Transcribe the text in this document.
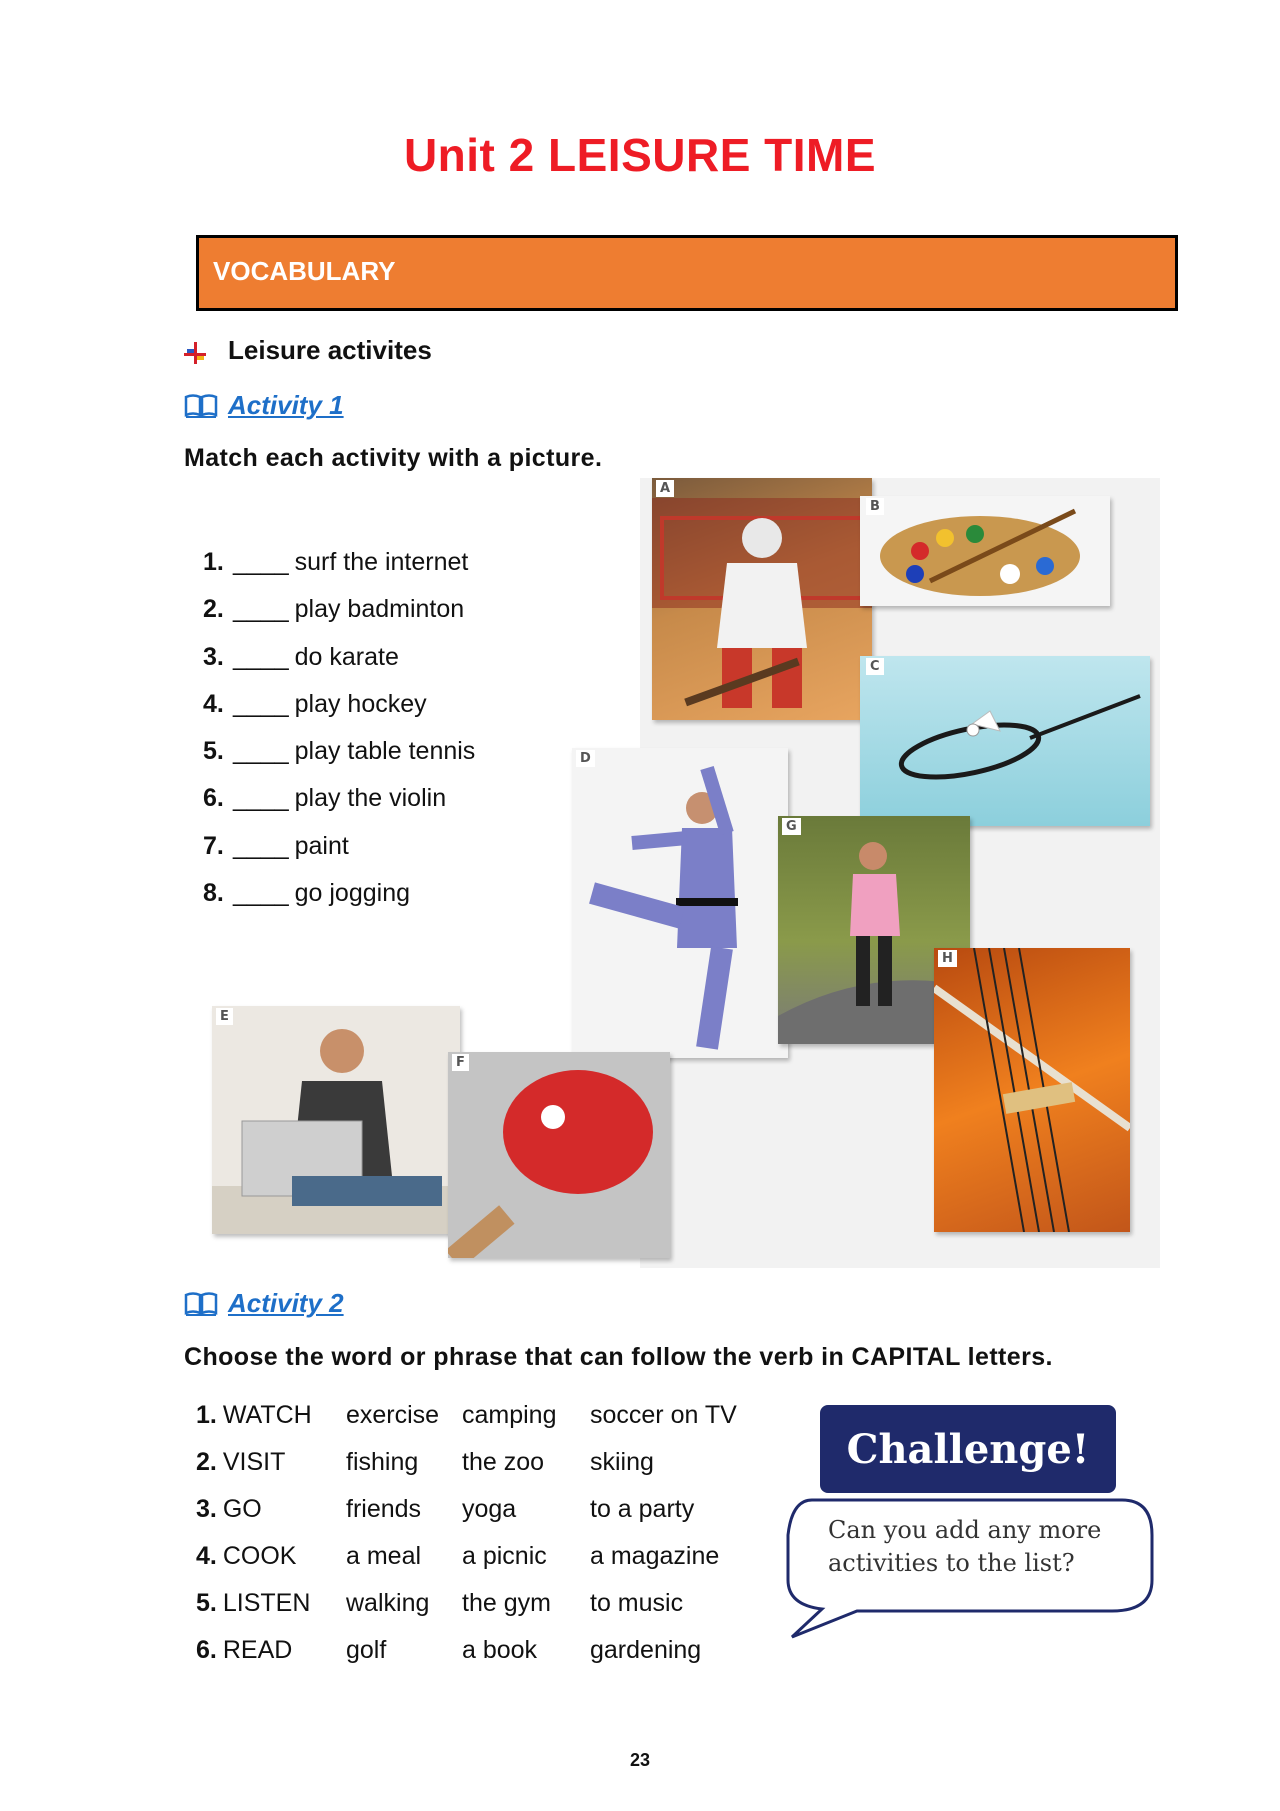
Unit 2 LEISURE TIME
VOCABULARY
Leisure activites
Activity 1
Match each activity with a picture.
1. ____ surf the internet
2. ____ play badminton
3. ____ do karate
4. ____ play hockey
5. ____ play table tennis
6. ____ play the violin
7. ____ paint
8. ____ go jogging
A
B
C
D
G
H
E
F
Activity 2
Choose the word or phrase that can follow the verb in CAPITAL letters.
1. WATCH	exercise	camping	soccer on TV
2. VISIT	fishing	the zoo	skiing
3. GO	friends	yoga	to a party
4. COOK	a meal	a picnic	a magazine
5. LISTEN	walking	the gym	to music
6. READ	golf	a book	gardening
Challenge!
Can you add any more
activities to the list?
23
